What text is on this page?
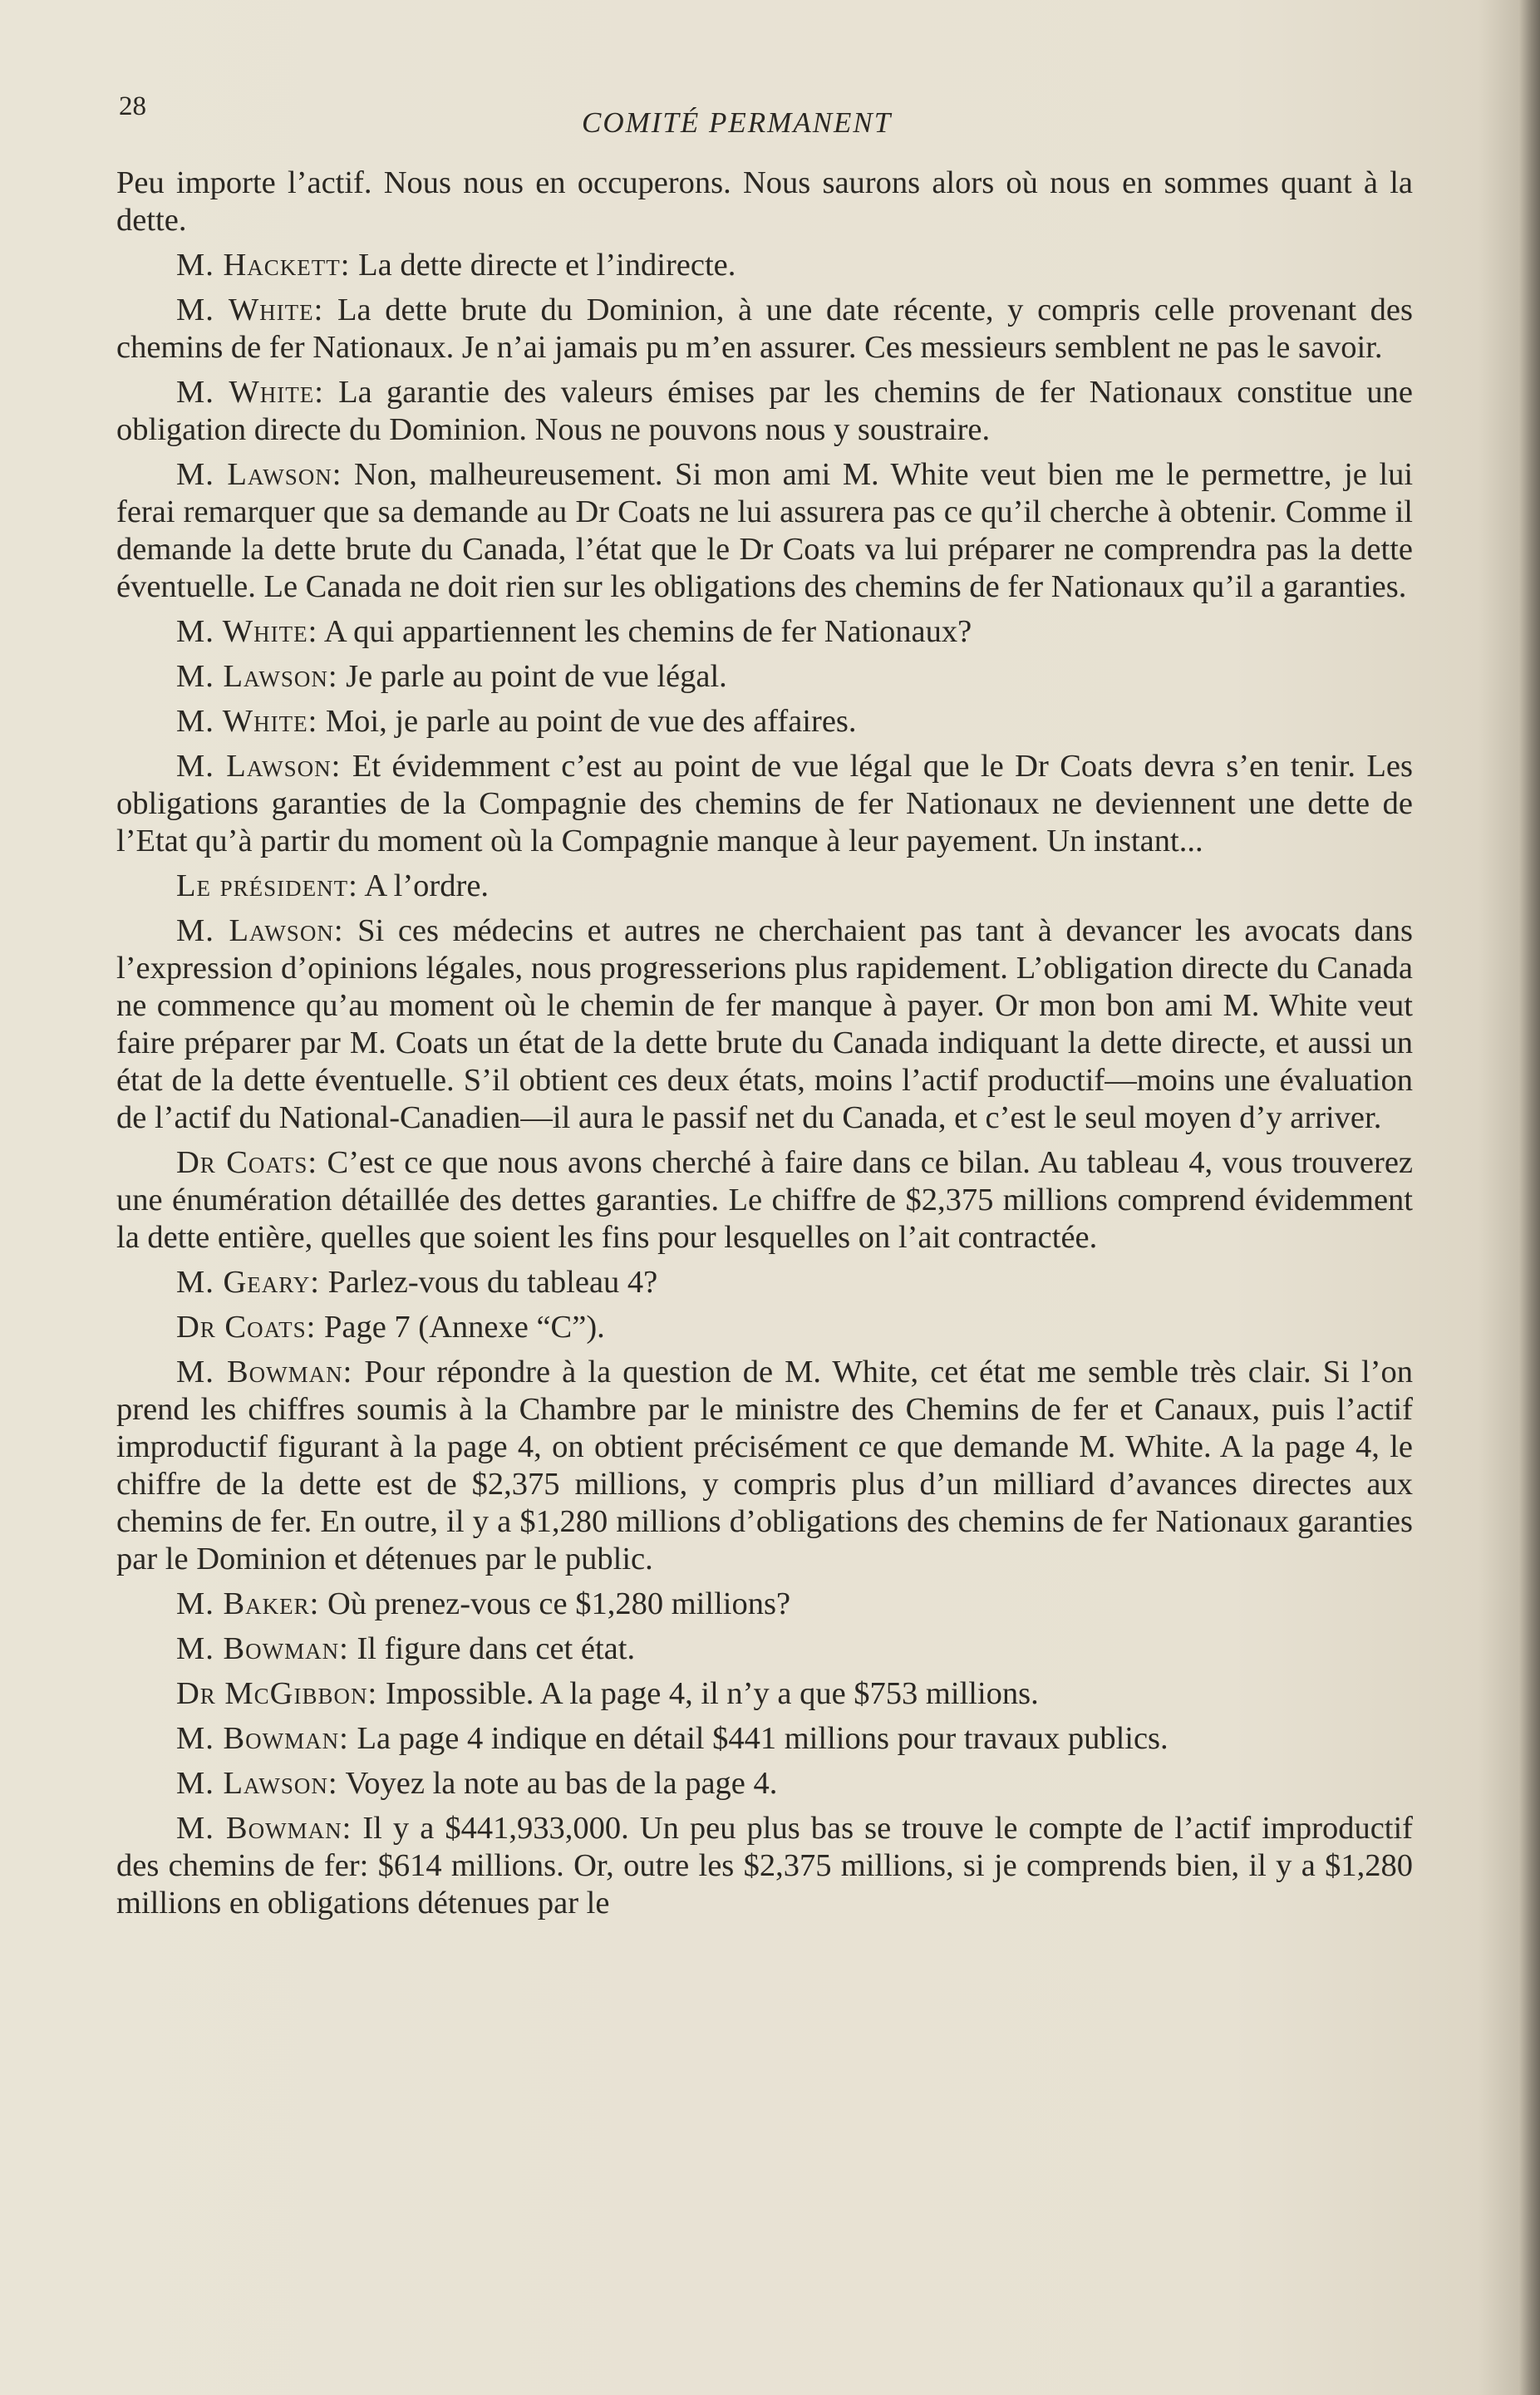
28	COMITÉ PERMANENT

Peu importe l’actif. Nous nous en occuperons. Nous saurons alors où nous en sommes quant à la dette.

M. Hackett: La dette directe et l’indirecte.

M. White: La dette brute du Dominion, à une date récente, y compris celle provenant des chemins de fer Nationaux. Je n’ai jamais pu m’en assurer. Ces messieurs semblent ne pas le savoir.

M. White: La garantie des valeurs émises par les chemins de fer Nationaux constitue une obligation directe du Dominion. Nous ne pouvons nous y soustraire.

M. Lawson: Non, malheureusement. Si mon ami M. White veut bien me le permettre, je lui ferai remarquer que sa demande au Dr Coats ne lui assurera pas ce qu’il cherche à obtenir. Comme il demande la dette brute du Canada, l’état que le Dr Coats va lui préparer ne comprendra pas la dette éventuelle. Le Canada ne doit rien sur les obligations des chemins de fer Nationaux qu’il a garanties.

M. White: A qui appartiennent les chemins de fer Nationaux?

M. Lawson: Je parle au point de vue légal.

M. White: Moi, je parle au point de vue des affaires.

M. Lawson: Et évidemment c’est au point de vue légal que le Dr Coats devra s’en tenir. Les obligations garanties de la Compagnie des chemins de fer Nationaux ne deviennent une dette de l’Etat qu’à partir du moment où la Compagnie manque à leur payement. Un instant...

Le président: A l’ordre.

M. Lawson: Si ces médecins et autres ne cherchaient pas tant à devancer les avocats dans l’expression d’opinions légales, nous progresserions plus rapidement. L’obligation directe du Canada ne commence qu’au moment où le chemin de fer manque à payer. Or mon bon ami M. White veut faire préparer par M. Coats un état de la dette brute du Canada indiquant la dette directe, et aussi un état de la dette éventuelle. S’il obtient ces deux états, moins l’actif productif—moins une évaluation de l’actif du National-Canadien—il aura le passif net du Canada, et c’est le seul moyen d’y arriver.

Dr Coats: C’est ce que nous avons cherché à faire dans ce bilan. Au tableau 4, vous trouverez une énumération détaillée des dettes garanties. Le chiffre de $2,375 millions comprend évidemment la dette entière, quelles que soient les fins pour lesquelles on l’ait contractée.

M. Geary: Parlez-vous du tableau 4?

Dr Coats: Page 7 (Annexe “C”).

M. Bowman: Pour répondre à la question de M. White, cet état me semble très clair. Si l’on prend les chiffres soumis à la Chambre par le ministre des Chemins de fer et Canaux, puis l’actif improductif figurant à la page 4, on obtient précisément ce que demande M. White. A la page 4, le chiffre de la dette est de $2,375 millions, y compris plus d’un milliard d’avances directes aux chemins de fer. En outre, il y a $1,280 millions d’obligations des chemins de fer Nationaux garanties par le Dominion et détenues par le public.

M. Baker: Où prenez-vous ce $1,280 millions?

M. Bowman: Il figure dans cet état.

Dr McGibbon: Impossible. A la page 4, il n’y a que $753 millions.

M. Bowman: La page 4 indique en détail $441 millions pour travaux publics.

M. Lawson: Voyez la note au bas de la page 4.

M. Bowman: Il y a $441,933,000. Un peu plus bas se trouve le compte de l’actif improductif des chemins de fer: $614 millions. Or, outre les $2,375 millions, si je comprends bien, il y a $1,280 millions en obligations détenues par le
